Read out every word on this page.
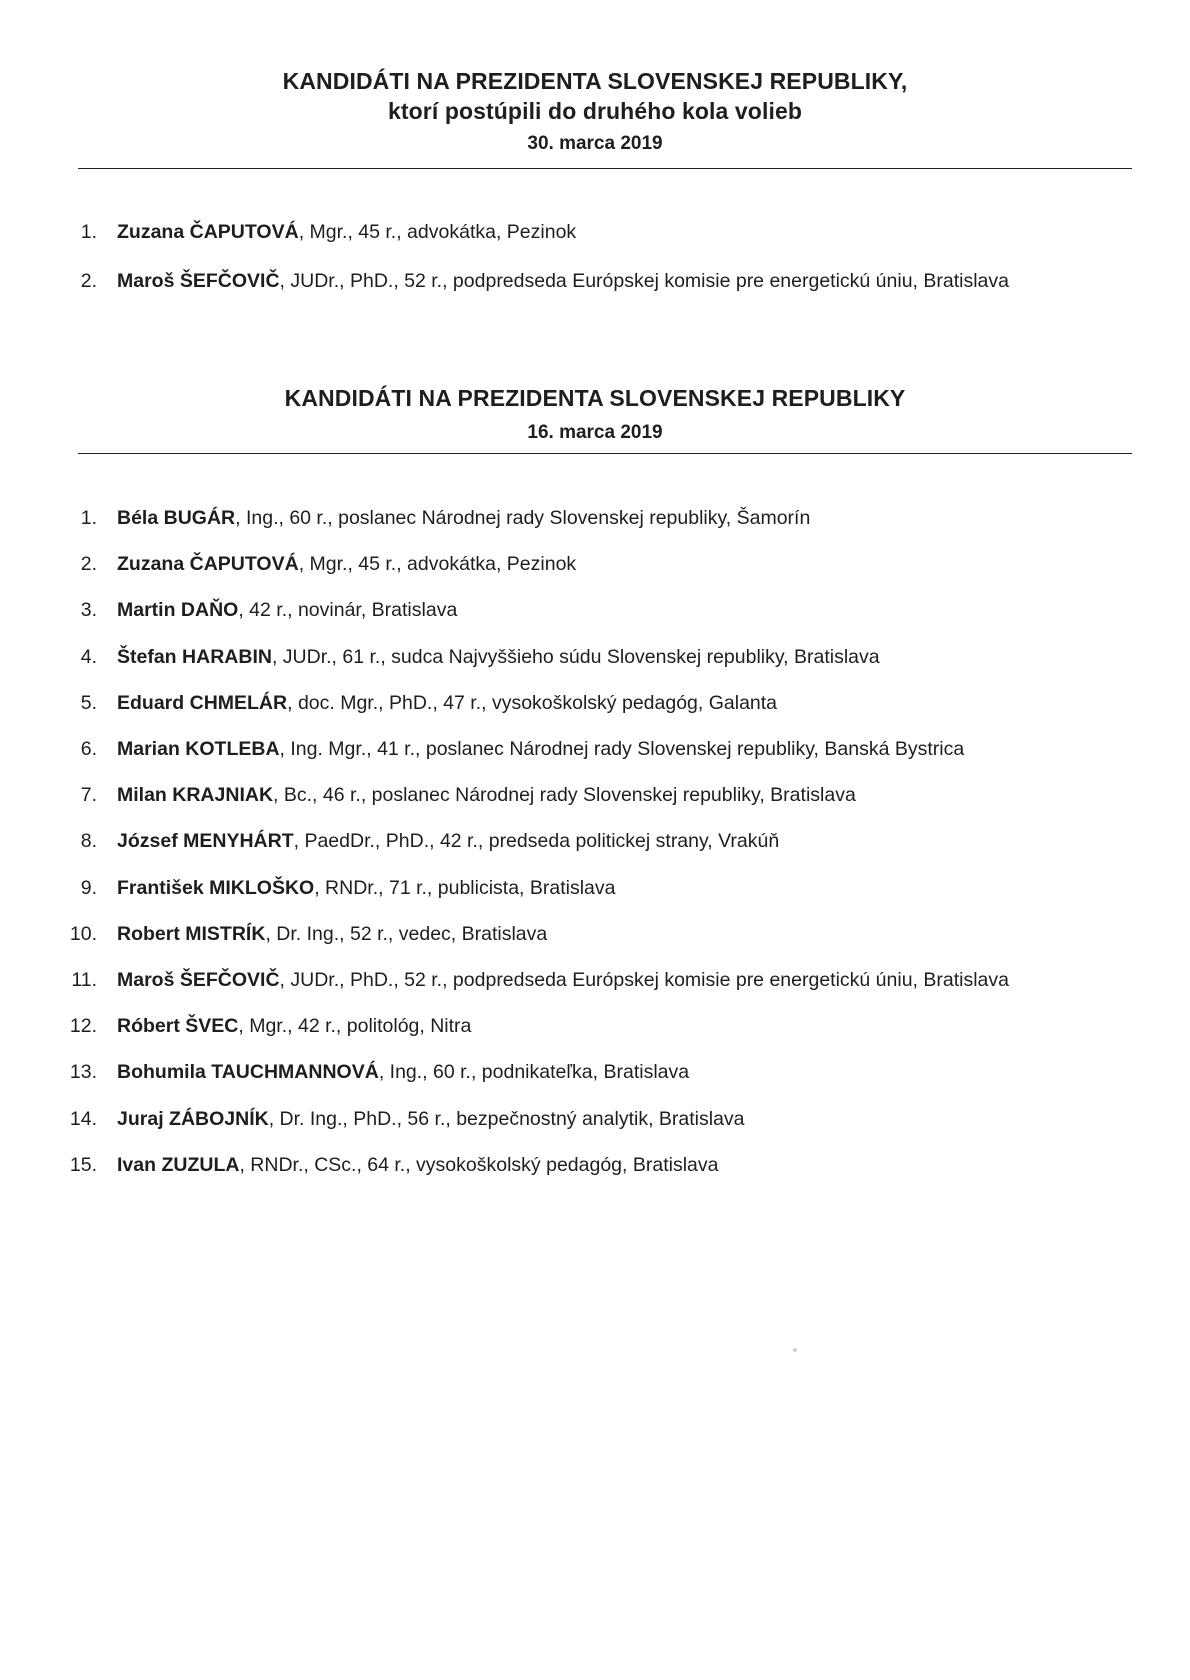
KANDIDÁTI NA PREZIDENTA SLOVENSKEJ REPUBLIKY,
ktorí postúpili do druhého kola volieb
30. marca 2019
1. Zuzana ČAPUTOVÁ, Mgr., 45 r., advokátka, Pezinok
2. Maroš ŠEFČOVIČ, JUDr., PhD., 52 r., podpredseda Európskej komisie pre energetickú úniu, Bratislava
KANDIDÁTI NA PREZIDENTA SLOVENSKEJ REPUBLIKY
16. marca 2019
1. Béla BUGÁR, Ing., 60 r., poslanec Národnej rady Slovenskej republiky, Šamorín
2. Zuzana ČAPUTOVÁ, Mgr., 45 r., advokátka, Pezinok
3. Martin DAŇO, 42 r., novinár, Bratislava
4. Štefan HARABIN, JUDr., 61 r., sudca Najvyššieho súdu Slovenskej republiky, Bratislava
5. Eduard CHMELÁR, doc. Mgr., PhD., 47 r., vysokoškolský pedagóg, Galanta
6. Marian KOTLEBA, Ing. Mgr., 41 r., poslanec Národnej rady Slovenskej republiky, Banská Bystrica
7. Milan KRAJNIAK, Bc., 46 r., poslanec Národnej rady Slovenskej republiky, Bratislava
8. József MENYHÁRT, PaedDr., PhD., 42 r., predseda politickej strany, Vrakúň
9. František MIKLOŠKO, RNDr., 71 r., publicista, Bratislava
10. Robert MISTRÍK, Dr. Ing., 52 r., vedec, Bratislava
11. Maroš ŠEFČOVIČ, JUDr., PhD., 52 r., podpredseda Európskej komisie pre energetickú úniu, Bratislava
12. Róbert ŠVEC, Mgr., 42 r., politológ, Nitra
13. Bohumila TAUCHMANNOVÁ, Ing., 60 r., podnikateľka, Bratislava
14. Juraj ZÁBOJNÍK, Dr. Ing., PhD., 56 r., bezpečnostný analytik, Bratislava
15. Ivan ZUZULA, RNDr., CSc., 64 r., vysokoškolský pedagóg, Bratislava
